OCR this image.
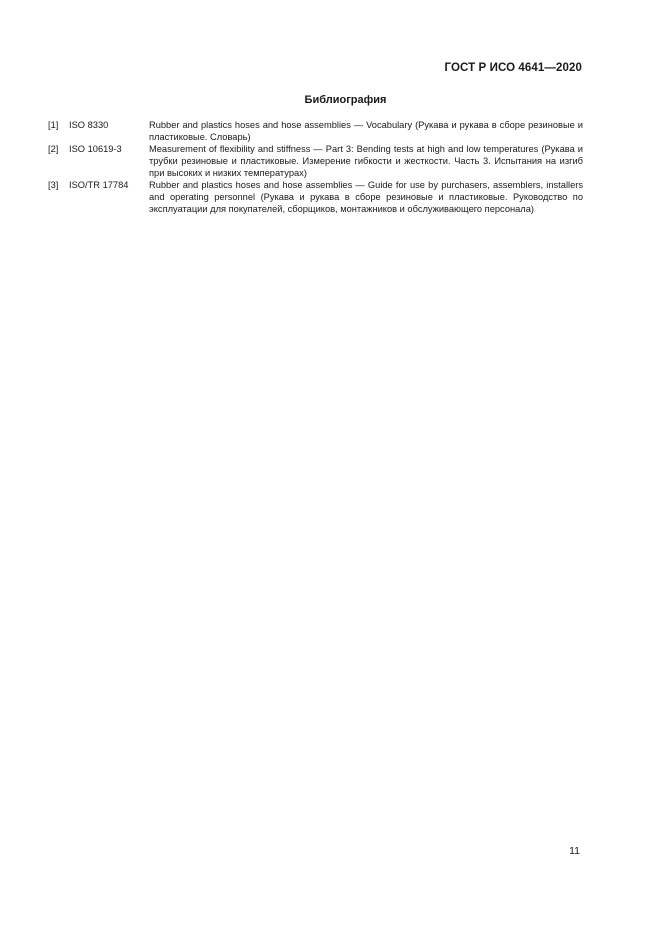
ГОСТ Р ИСО 4641—2020
Библиография
[1] ISO 8330	Rubber and plastics hoses and hose assemblies — Vocabulary (Рукава и рукава в сборе резиновые и пластиковые. Словарь)
[2] ISO 10619-3	Measurement of flexibility and stiffness — Part 3: Bending tests at high and low temperatures (Рукава и трубки резиновые и пластиковые. Измерение гибкости и жесткости. Часть 3. Испытания на изгиб при высоких и низких температурах)
[3] ISO/TR 17784 Rubber and plastics hoses and hose assemblies — Guide for use by purchasers, assemblers, installers and operating personnel (Рукава и рукава в сборе резиновые и пластиковые. Руководство по эксплуатации для покупателей, сборщиков, монтажников и обслуживающего персонала)
11
